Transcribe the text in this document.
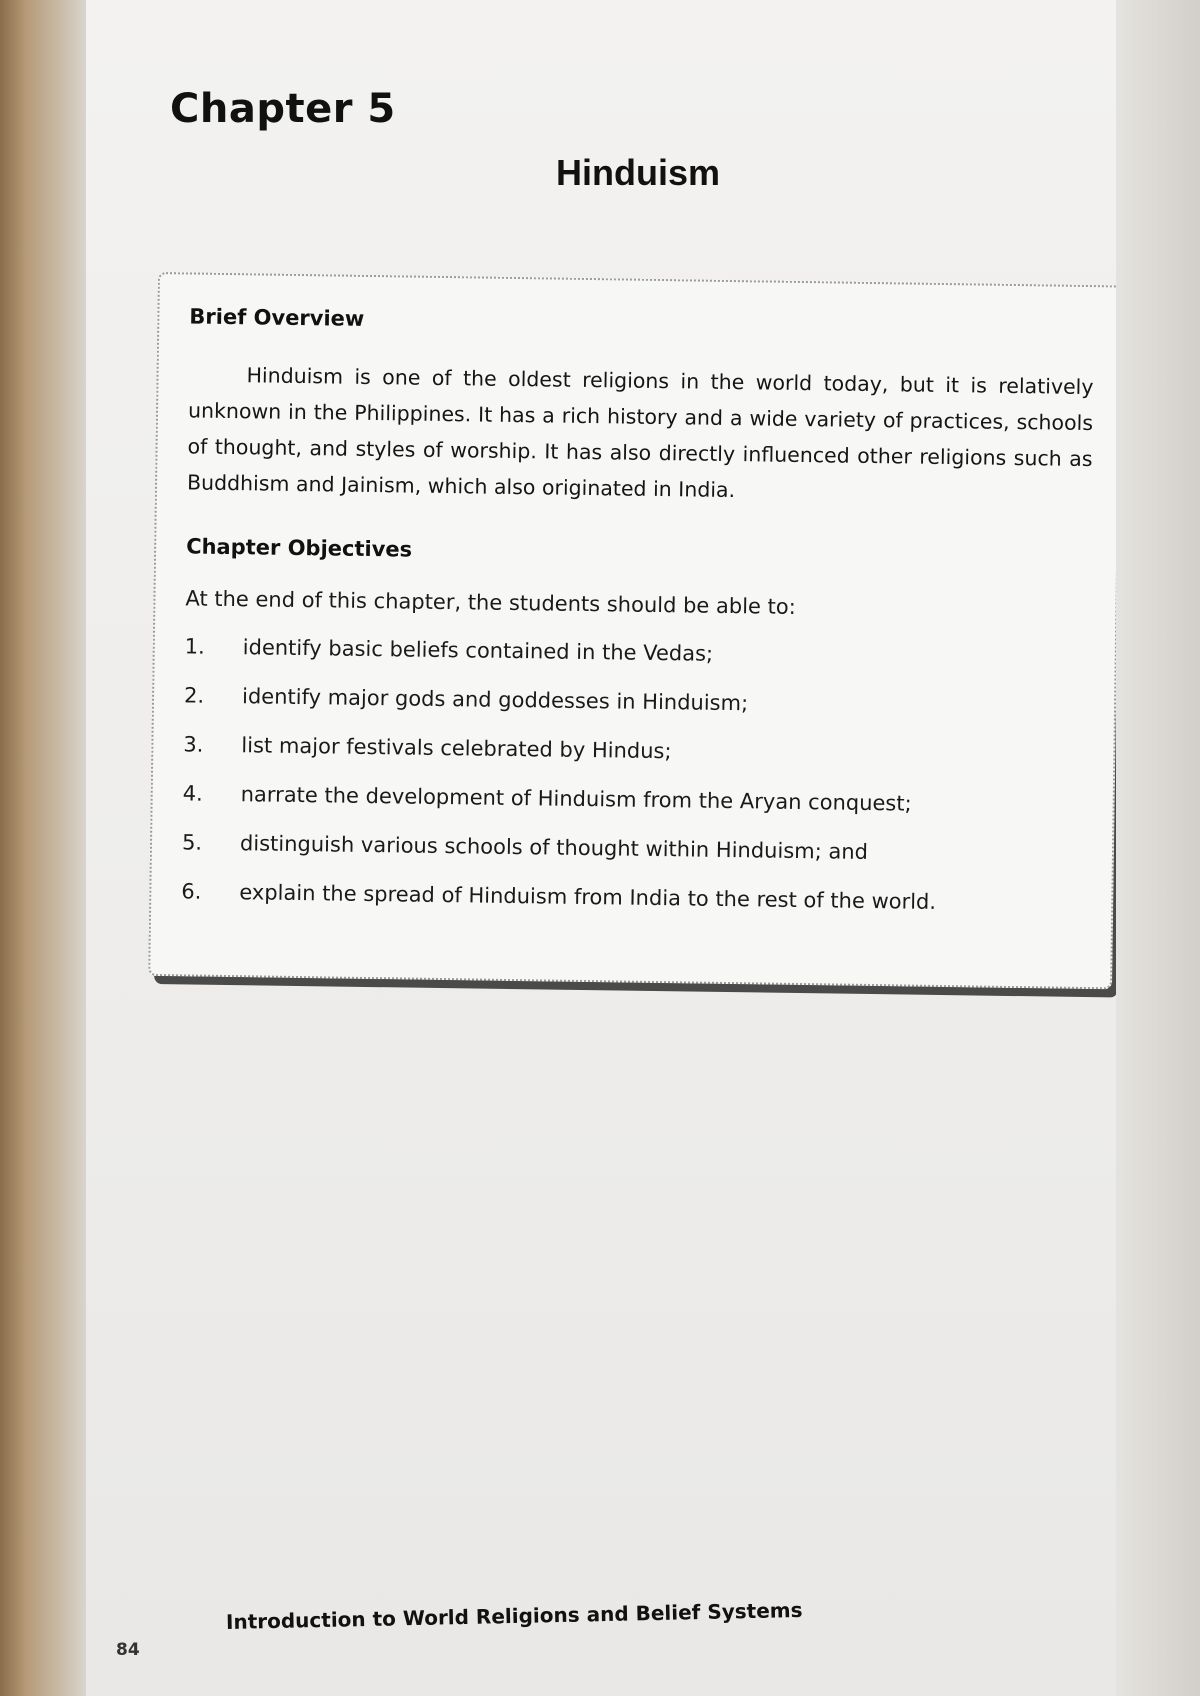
Chapter 5
Hinduism
Brief Overview

Hinduism is one of the oldest religions in the world today, but it is relatively unknown in the Philippines. It has a rich history and a wide variety of practices, schools of thought, and styles of worship. It has also directly influenced other religions such as Buddhism and Jainism, which also originated in India.

Chapter Objectives

At the end of this chapter, the students should be able to:

1.	identify basic beliefs contained in the Vedas;
2.	identify major gods and goddesses in Hinduism;
3.	list major festivals celebrated by Hindus;
4.	narrate the development of Hinduism from the Aryan conquest;
5.	distinguish various schools of thought within Hinduism; and
6.	explain the spread of Hinduism from India to the rest of the world.
84
Introduction to World Religions and Belief Systems
